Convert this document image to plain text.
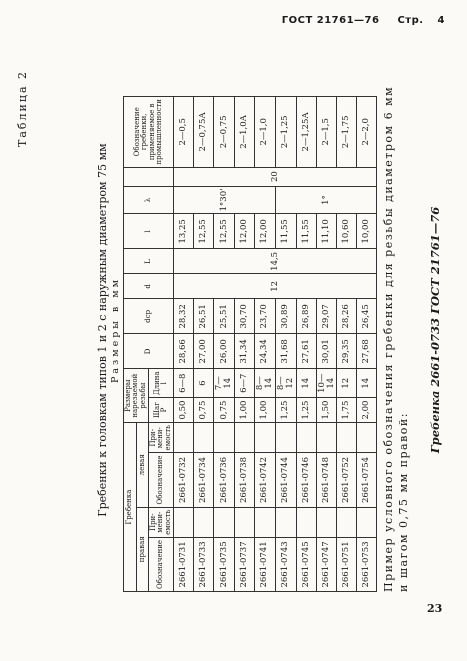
ГОСТ 21761—76 Стр. 4
Таблица 2
Гребенки к головкам типов 1 и 2 с наружным диаметром 75 мм Размеры в мм
Гребенка				Размеры нарезаемой резьбы		D	dср	d	L	l	λ		Обозначение гребенки, применяемое в промышленности
правая		левая											
Обозначение	При- мени- емость	Обозначение	При- мени- емость	Шаг P	Длина l								
2661-0731		2661-0732		0,50	6—8	28,66	28,32	12	14,5	13,25	1°30'	20	2—0,5
2661-0733		2661-0734		0,75	6	27,00	26,51			12,55			2—0,75А
2661-0735		2661-0736		0,75	7—14	26,00	25,51			12,55			2—0,75
2661-0737		2661-0738		1,00	6—7	31,34	30,70			12,00			2—1,0А
2661-0741		2661-0742		1,00	8—14	24,34	23,70			12,00			2—1,0
2661-0743		2661-0744		1,25	8—12	31,68	30,89			11,55	1°		2—1,25
2661-0745		2661-0746		1,25	14	27,61	26,89			11,55			2—1,25А
2661-0747		2661-0748		1,50	10—14	30,01	29,07			11,10			2—1,5
2661-0751		2661-0752		1,75	12	29,35	28,26			10,60			2—1,75
2661-0753		2661-0754		2,00	14	27,68	26,45			10,00			2—2,0 Пример условного обозначения гребенки для резьбы диаметром 6 мм и шагом 0,75 мм правой:
Гребенка 2661-0733 ГОСТ 21761—76
23
